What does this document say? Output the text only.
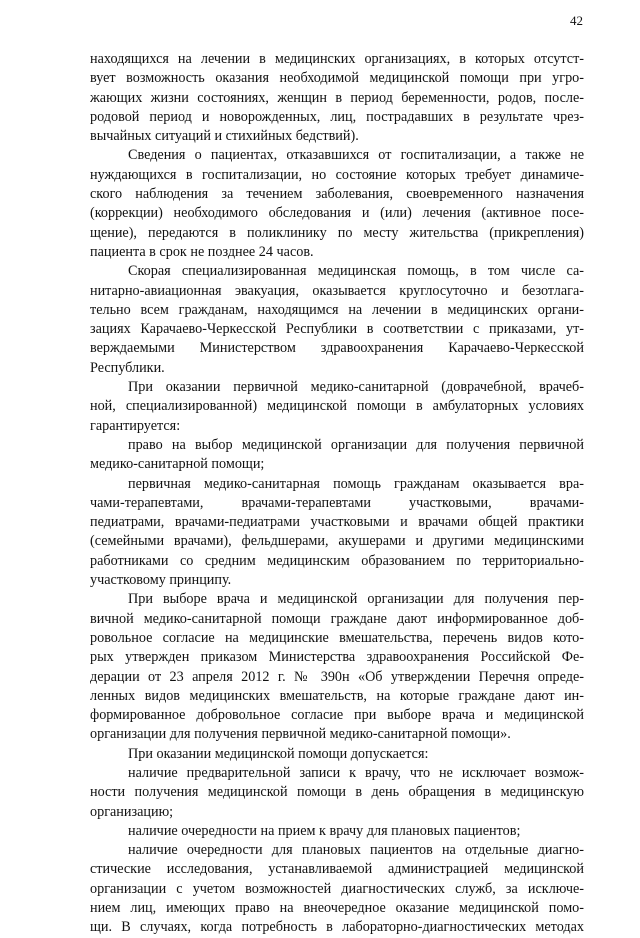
42
находящихся на лечении в медицинских организациях, в которых отсутст-
вует возможность оказания необходимой медицинской помощи при угро-
жающих жизни состояниях, женщин в период беременности, родов, после-
родовой период и новорожденных, лиц, пострадавших в результате чрез-
вычайных ситуаций и стихийных бедствий).
Сведения о пациентах, отказавшихся от госпитализации, а также не
нуждающихся в госпитализации, но состояние которых требует динамиче-
ского наблюдения за течением заболевания, своевременного назначения
(коррекции) необходимого обследования и (или) лечения (активное посе-
щение), передаются в поликлинику по месту жительства (прикрепления)
пациента в срок не позднее 24 часов.
Скорая специализированная медицинская помощь, в том числе са-
нитарно-авиационная эвакуация, оказывается круглосуточно и безотлага-
тельно всем гражданам, находящимся на лечении в медицинских органи-
зациях Карачаево-Черкесской Республики в соответствии с приказами, ут-
верждаемыми Министерством здравоохранения Карачаево-Черкесской
Республики.
При оказании первичной медико-санитарной (доврачебной, врачеб-
ной, специализированной) медицинской помощи в амбулаторных условиях
гарантируется:
право на выбор медицинской организации для получения первичной
медико-санитарной помощи;
первичная медико-санитарная помощь гражданам оказывается вра-
чами-терапевтами, врачами-терапевтами участковыми, врачами-
педиатрами, врачами-педиатрами участковыми и врачами общей практики
(семейными врачами), фельдшерами, акушерами и другими медицинскими
работниками со средним медицинским образованием по территориально-
участковому принципу.
При выборе врача и медицинской организации для получения пер-
вичной медико-санитарной помощи граждане дают информированное доб-
ровольное согласие на медицинские вмешательства, перечень видов кото-
рых утвержден приказом Министерства здравоохранения Российской Фе-
дерации от 23 апреля 2012 г. № 390н «Об утверждении Перечня опреде-
ленных видов медицинских вмешательств, на которые граждане дают ин-
формированное добровольное согласие при выборе врача и медицинской
организации для получения первичной медико-санитарной помощи».
При оказании медицинской помощи допускается:
наличие предварительной записи к врачу, что не исключает возмож-
ности получения медицинской помощи в день обращения в медицинскую
организацию;
наличие очередности на прием к врачу для плановых пациентов;
наличие очередности для плановых пациентов на отдельные диагно-
стические исследования, устанавливаемой администрацией медицинской
организации с учетом возможностей диагностических служб, за исключе-
нием лиц, имеющих право на внеочередное оказание медицинской помо-
щи. В случаях, когда потребность в лабораторно-диагностических методах
